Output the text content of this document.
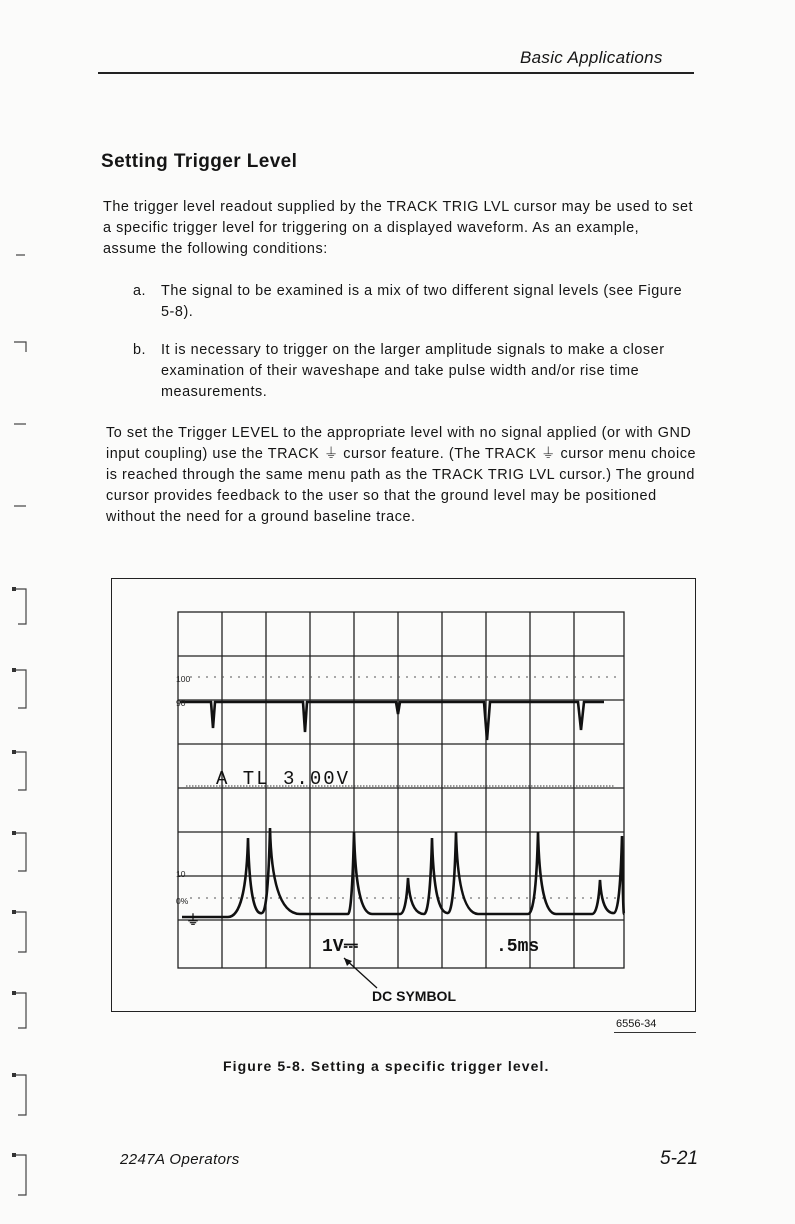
Basic Applications
Setting Trigger Level
The trigger level readout supplied by the TRACK TRIG LVL cursor may be used to set a specific trigger level for triggering on a displayed waveform. As an example, assume the following conditions:
a. The signal to be examined is a mix of two different signal levels (see Figure 5-8).
b. It is necessary to trigger on the larger amplitude signals to make a closer examination of their waveshape and take pulse width and/or rise time measurements.
To set the Trigger LEVEL to the appropriate level with no signal applied (or with GND input coupling) use the TRACK ⏚ cursor feature. (The TRACK ⏚ cursor menu choice is reached through the same menu path as the TRACK TRIG LVL cursor.) The ground cursor provides feedback to the user so that the ground level may be positioned without the need for a ground baseline trace.
100
90
10
0%
⏚
A TL 3.00V
1V⎓	.5ms
DC SYMBOL
6556-34
Figure 5-8. Setting a specific trigger level.
2247A Operators	5-21
